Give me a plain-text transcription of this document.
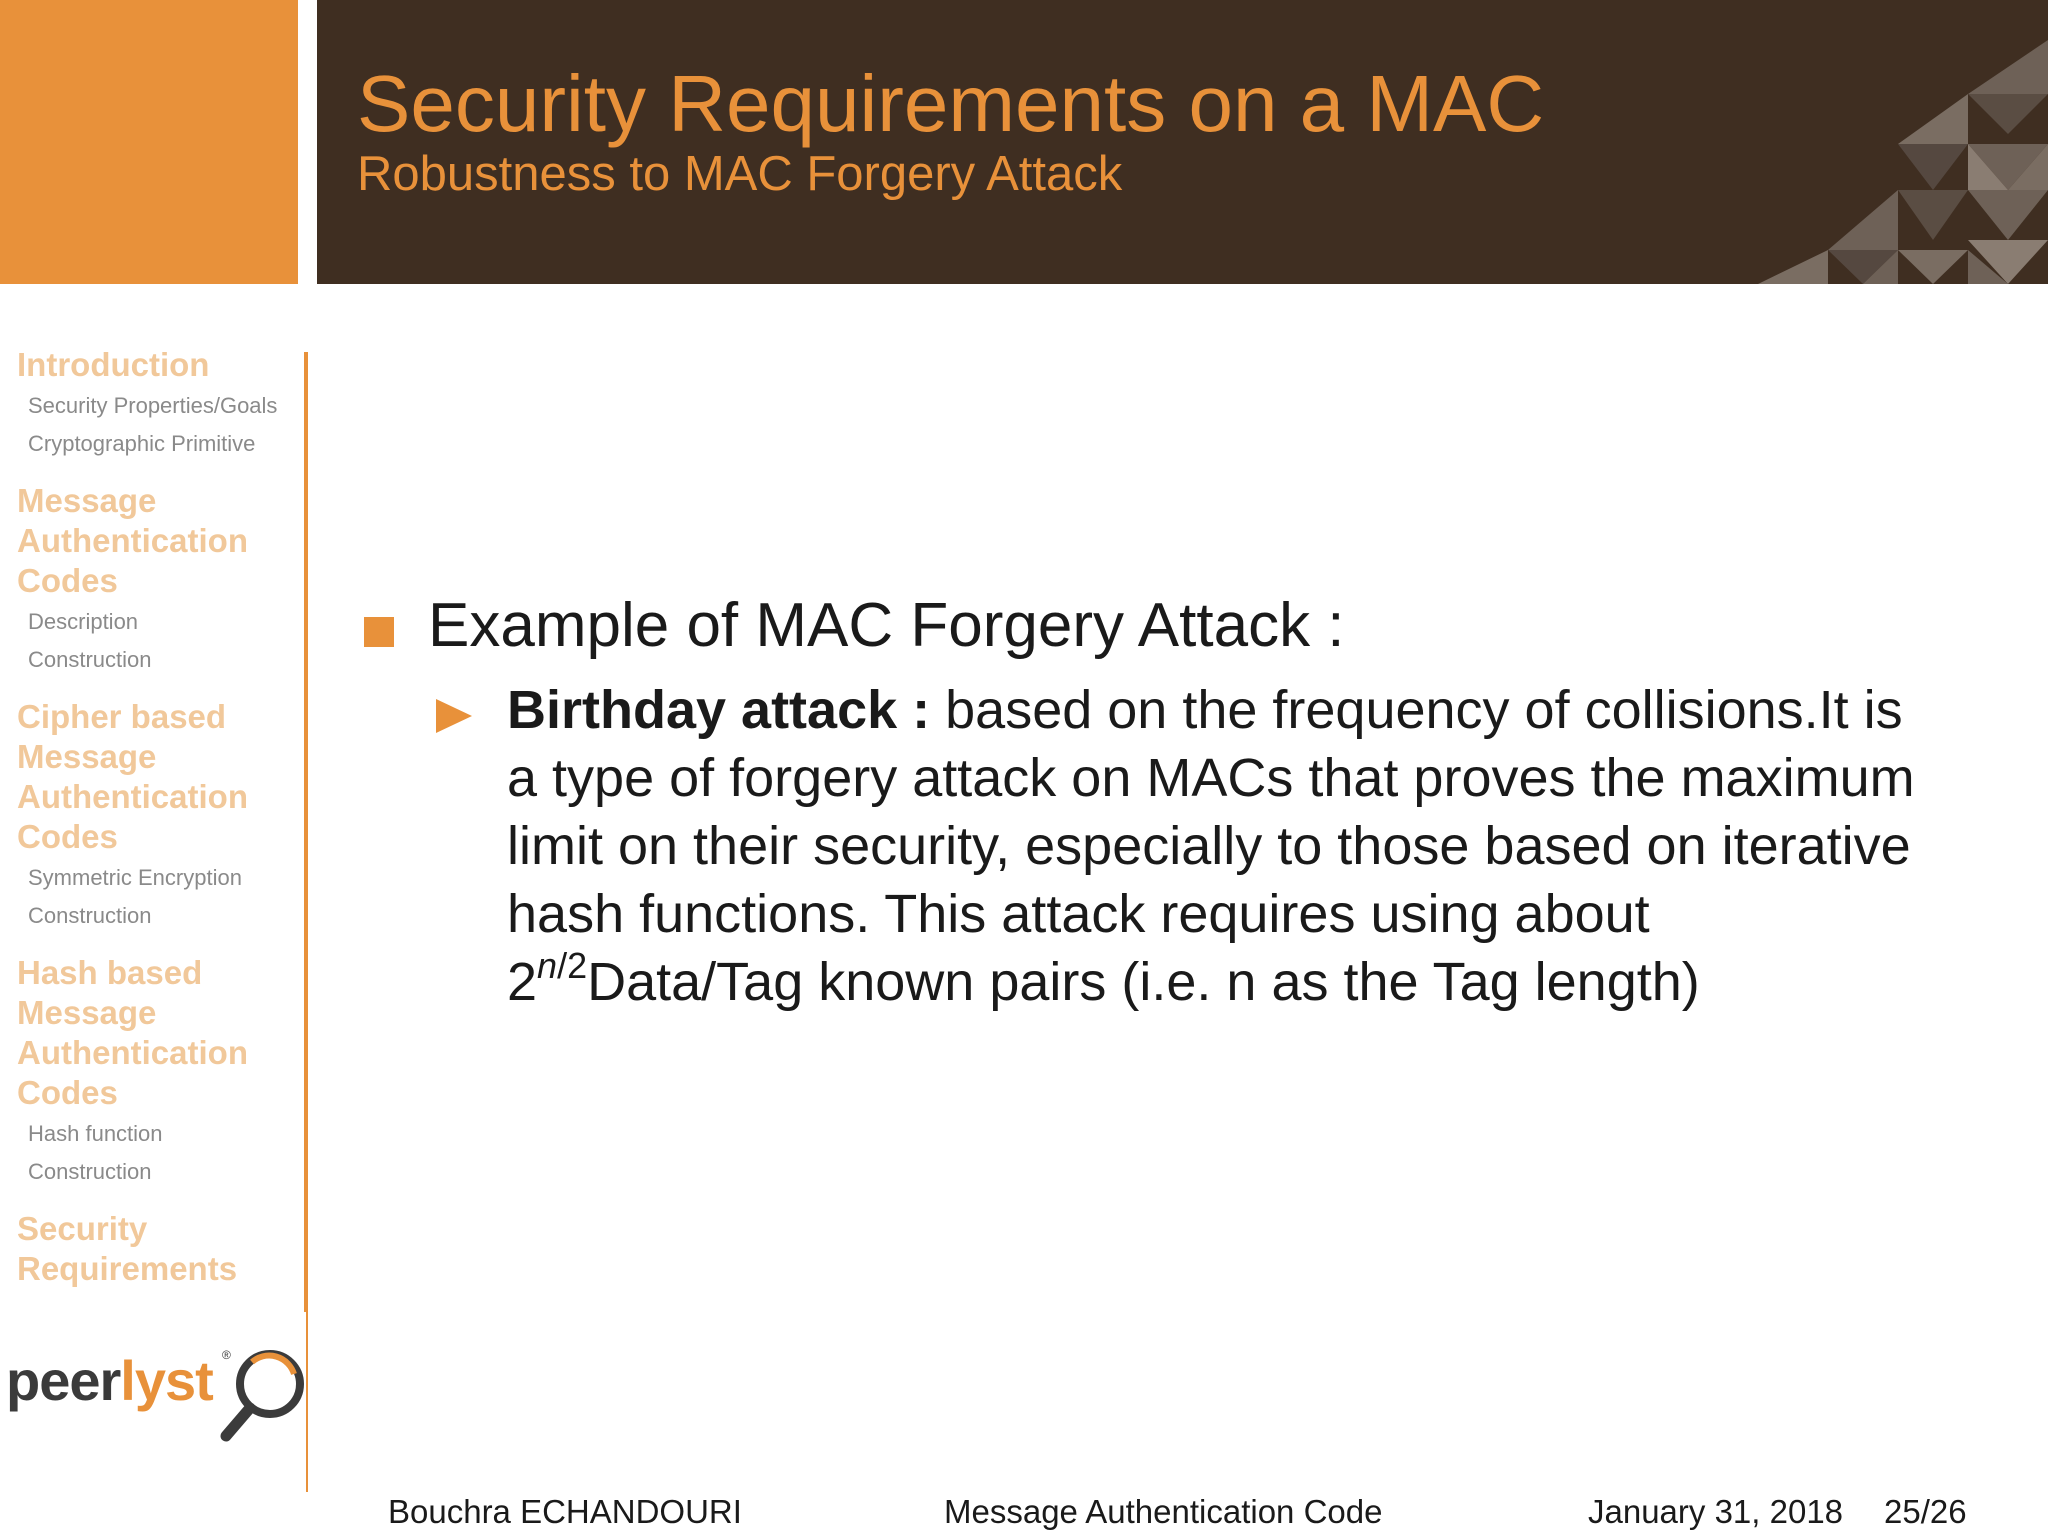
Security Requirements on a MAC
Robustness to MAC Forgery Attack
Introduction
Security Properties/Goals
Cryptographic Primitive
Message
Authentication
Codes
Description
Construction
Cipher based
Message
Authentication
Codes
Symmetric Encryption
Construction
Hash based
Message
Authentication
Codes
Hash function
Construction
Security
Requirements
peerlyst ®
Example of MAC Forgery Attack :
Birthday attack : based on the frequency of collisions.It is
a type of forgery attack on MACs that proves the maximum
limit on their security, especially to those based on iterative
hash functions. This attack requires using about
$2^{n/2}Data$/Tag known pairs (i.e. n as the Tag length)
Bouchra ECHANDOURI	Message Authentication Code	January 31, 2018 25/26
